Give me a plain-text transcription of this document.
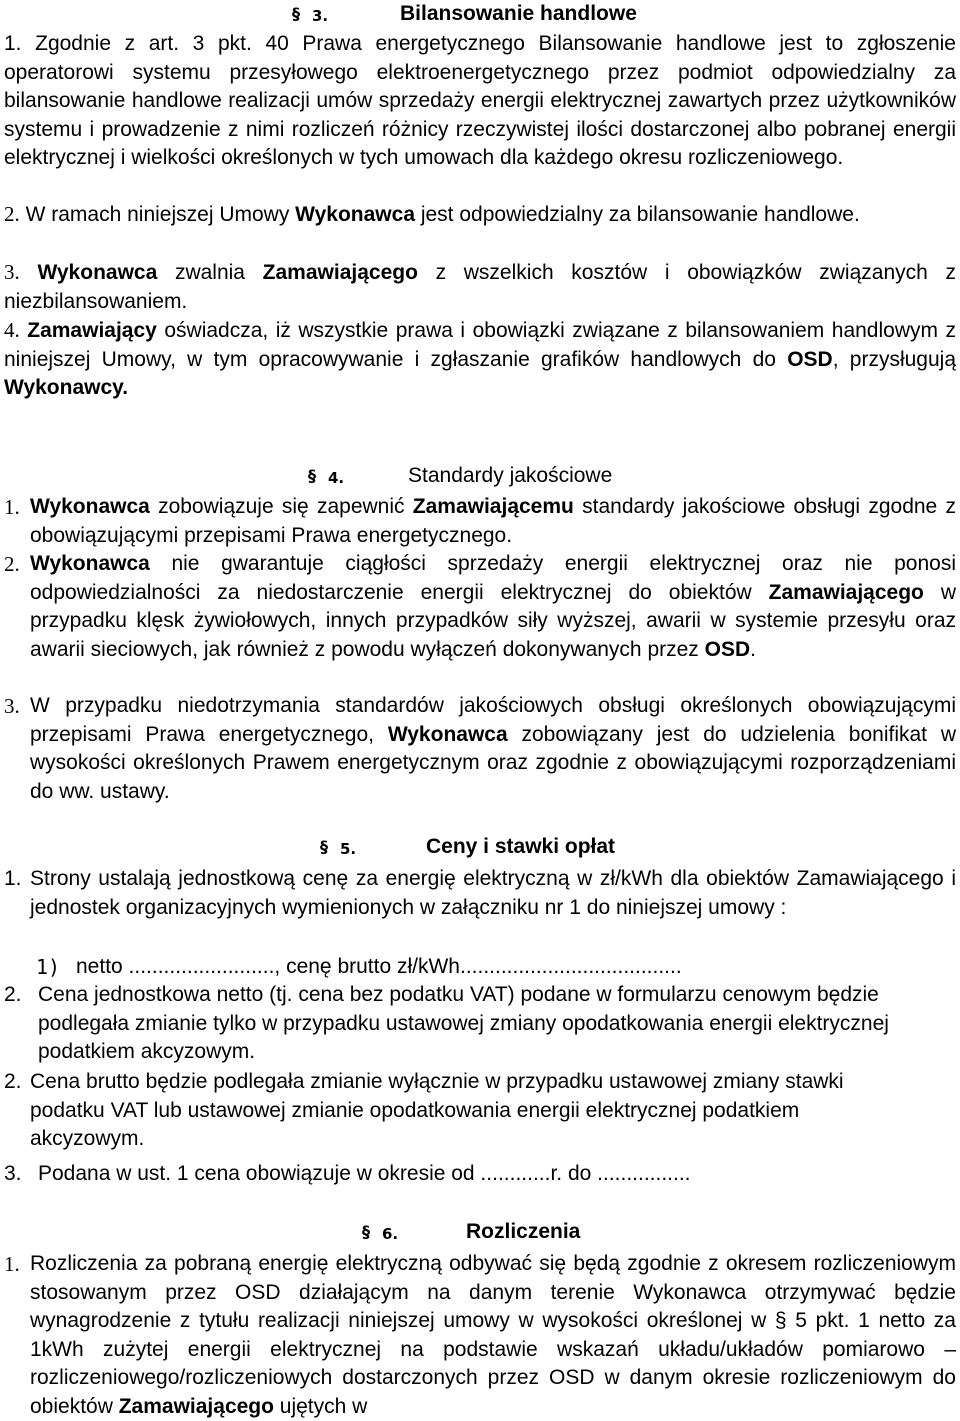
§ 3.	Bilansowanie handlowe
1. Zgodnie z art. 3 pkt. 40 Prawa energetycznego Bilansowanie handlowe jest to zgłoszenie operatorowi systemu przesyłowego elektroenergetycznego przez podmiot odpowiedzialny za bilansowanie handlowe realizacji umów sprzedaży energii elektrycznej zawartych przez użytkowników systemu i prowadzenie z nimi rozliczeń różnicy rzeczywistej ilości dostarczonej albo pobranej energii elektrycznej i wielkości określonych w tych umowach dla każdego okresu rozliczeniowego.
2. W ramach niniejszej Umowy Wykonawca jest odpowiedzialny za bilansowanie handlowe.
3. Wykonawca zwalnia Zamawiającego z wszelkich kosztów i obowiązków związanych z niezbilansowaniem.
4. Zamawiający oświadcza, iż wszystkie prawa i obowiązki związane z bilansowaniem handlowym z niniejszej Umowy, w tym opracowywanie i zgłaszanie grafików handlowych do OSD, przysługują Wykonawcy.
§ 4.	Standardy jakościowe
1. Wykonawca zobowiązuje się zapewnić Zamawiającemu standardy jakościowe obsługi zgodne z obowiązującymi przepisami Prawa energetycznego.
2. Wykonawca nie gwarantuje ciągłości sprzedaży energii elektrycznej oraz nie ponosi odpowiedzialności za niedostarczenie energii elektrycznej do obiektów Zamawiającego w przypadku klęsk żywiołowych, innych przypadków siły wyższej, awarii w systemie przesyłu oraz awarii sieciowych, jak również z powodu wyłączeń dokonywanych przez OSD.
3. W przypadku niedotrzymania standardów jakościowych obsługi określonych obowiązującymi przepisami Prawa energetycznego, Wykonawca zobowiązany jest do udzielenia bonifikat w wysokości określonych Prawem energetycznym oraz zgodnie z obowiązującymi rozporządzeniami do ww. ustawy.
§ 5.	Ceny i stawki opłat
1. Strony ustalają jednostkową cenę za energię elektryczną w zł/kWh dla obiektów Zamawiającego i jednostek organizacyjnych wymienionych w załączniku nr 1 do niniejszej umowy :
1) netto ........................., cenę brutto zł/kWh......................................
2. Cena jednostkowa netto (tj. cena bez podatku VAT) podane w formularzu cenowym będzie podlegała zmianie tylko w przypadku ustawowej zmiany opodatkowania energii elektrycznej podatkiem akcyzowym.
2. Cena brutto będzie podlegała zmianie wyłącznie w przypadku ustawowej zmiany stawki podatku VAT lub ustawowej zmianie opodatkowania energii elektrycznej podatkiem akcyzowym.
3. Podana w ust. 1 cena obowiązuje w okresie od ............r. do ................
§ 6.	Rozliczenia
1. Rozliczenia za pobraną energię elektryczną odbywać się będą zgodnie z okresem rozliczeniowym stosowanym przez OSD działającym na danym terenie Wykonawca otrzymywać będzie wynagrodzenie z tytułu realizacji niniejszej umowy w wysokości określonej w § 5 pkt. 1 netto za 1kWh zużytej energii elektrycznej na podstawie wskazań układu/układów pomiarowo – rozliczeniowego/rozliczeniowych dostarczonych przez OSD w danym okresie rozliczeniowym do obiektów Zamawiającego ujętych w
